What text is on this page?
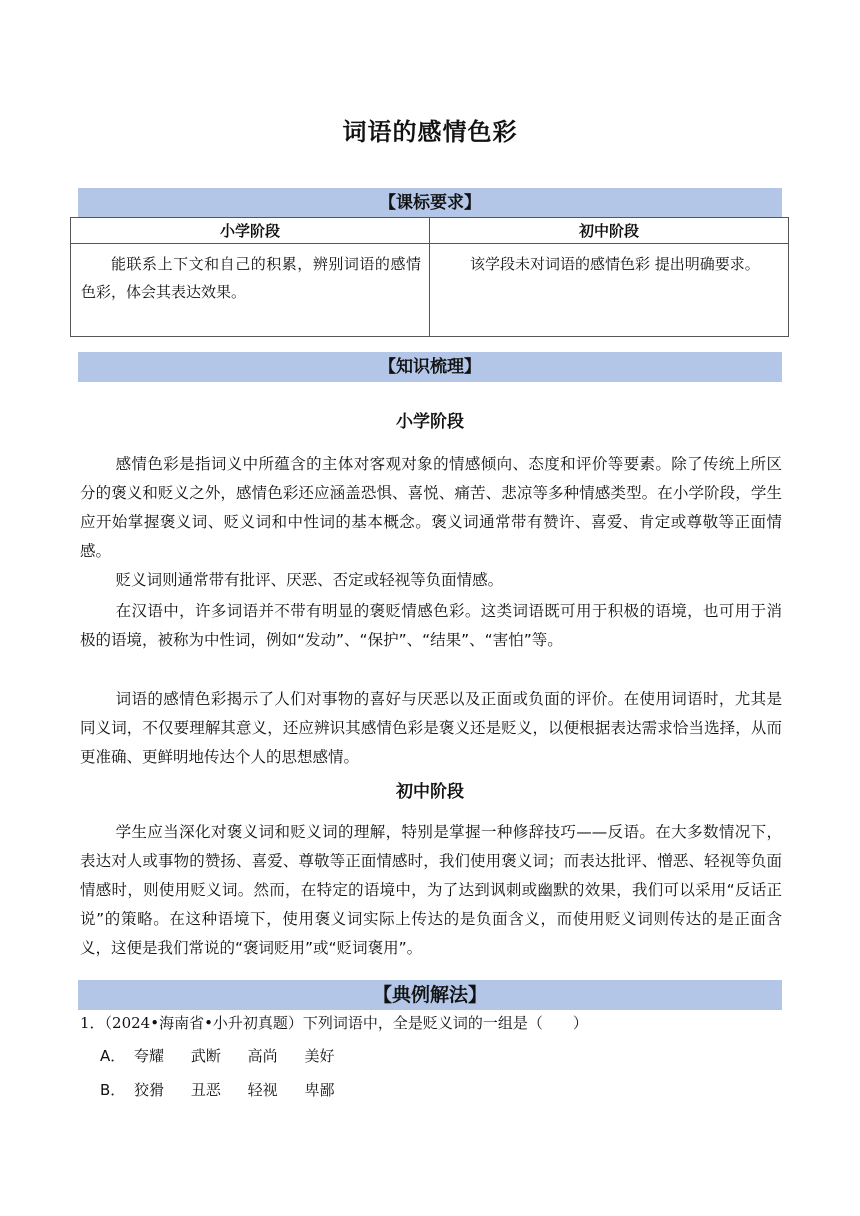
词语的感情色彩
【课标要求】
小学阶段	初中阶段
能联系上下文和自己的积累，辨别词语的感情色彩，体会其表达效果。	该学段未对词语的感情色彩 提出明确要求。
【知识梳理】
小学阶段

感情色彩是指词义中所蕴含的主体对客观对象的情感倾向、态度和评价等要素。除了传统上所区分的褒义和贬义之外，感情色彩还应涵盖恐惧、喜悦、痛苦、悲凉等多种情感类型。在小学阶段，学生应开始掌握褒义词、贬义词和中性词的基本概念。褒义词通常带有赞许、喜爱、肯定或尊敬等正面情感。

贬义词则通常带有批评、厌恶、否定或轻视等负面情感。

在汉语中，许多词语并不带有明显的褒贬情感色彩。这类词语既可用于积极的语境，也可用于消极的语境，被称为中性词，例如“发动”、“保护”、“结果”、“害怕”等。

词语的感情色彩揭示了人们对事物的喜好与厌恶以及正面或负面的评价。在使用词语时，尤其是同义词，不仅要理解其意义，还应辨识其感情色彩是褒义还是贬义，以便根据表达需求恰当选择，从而更准确、更鲜明地传达个人的思想感情。

初中阶段

学生应当深化对褒义词和贬义词的理解，特别是掌握一种修辞技巧——反语。在大多数情况下，表达对人或事物的赞扬、喜爱、尊敬等正面情感时，我们使用褒义词；而表达批评、憎恶、轻视等负面情感时，则使用贬义词。然而，在特定的语境中，为了达到讽刺或幽默的效果，我们可以采用“反话正说”的策略。在这种语境下，使用褒义词实际上传达的是负面含义，而使用贬义词则传达的是正面含义，这便是我们常说的“褒词贬用”或“贬词褒用”。

【典例解法】
1．（2024•海南省•小升初真题）下列词语中，全是贬义词的一组是（　　）
A． 夸耀 武断 高尚 美好
B． 狡猾 丑恶 轻视 卑鄙
